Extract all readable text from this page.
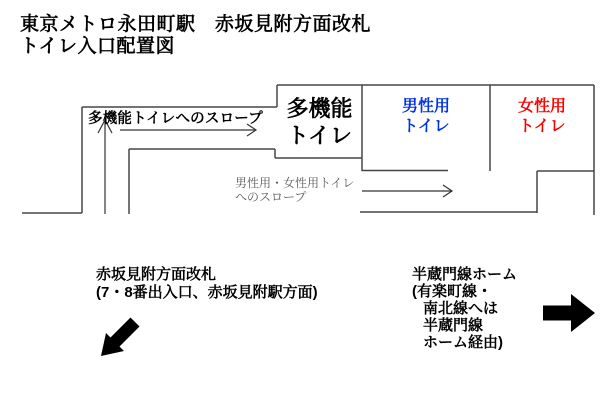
東京メトロ永田町駅　赤坂見附方面改札
トイレ入口配置図
多機能トイレへのスロープ	多機能
トイレ
男性用
トイレ
女性用
トイレ
男性用・女性用トイレ
へのスロープ
赤坂見附方面改札
(7・8番出入口、赤坂見附駅方面)
半蔵門線ホーム
(有楽町線・
南北線へは
半蔵門線
ホーム経由)
